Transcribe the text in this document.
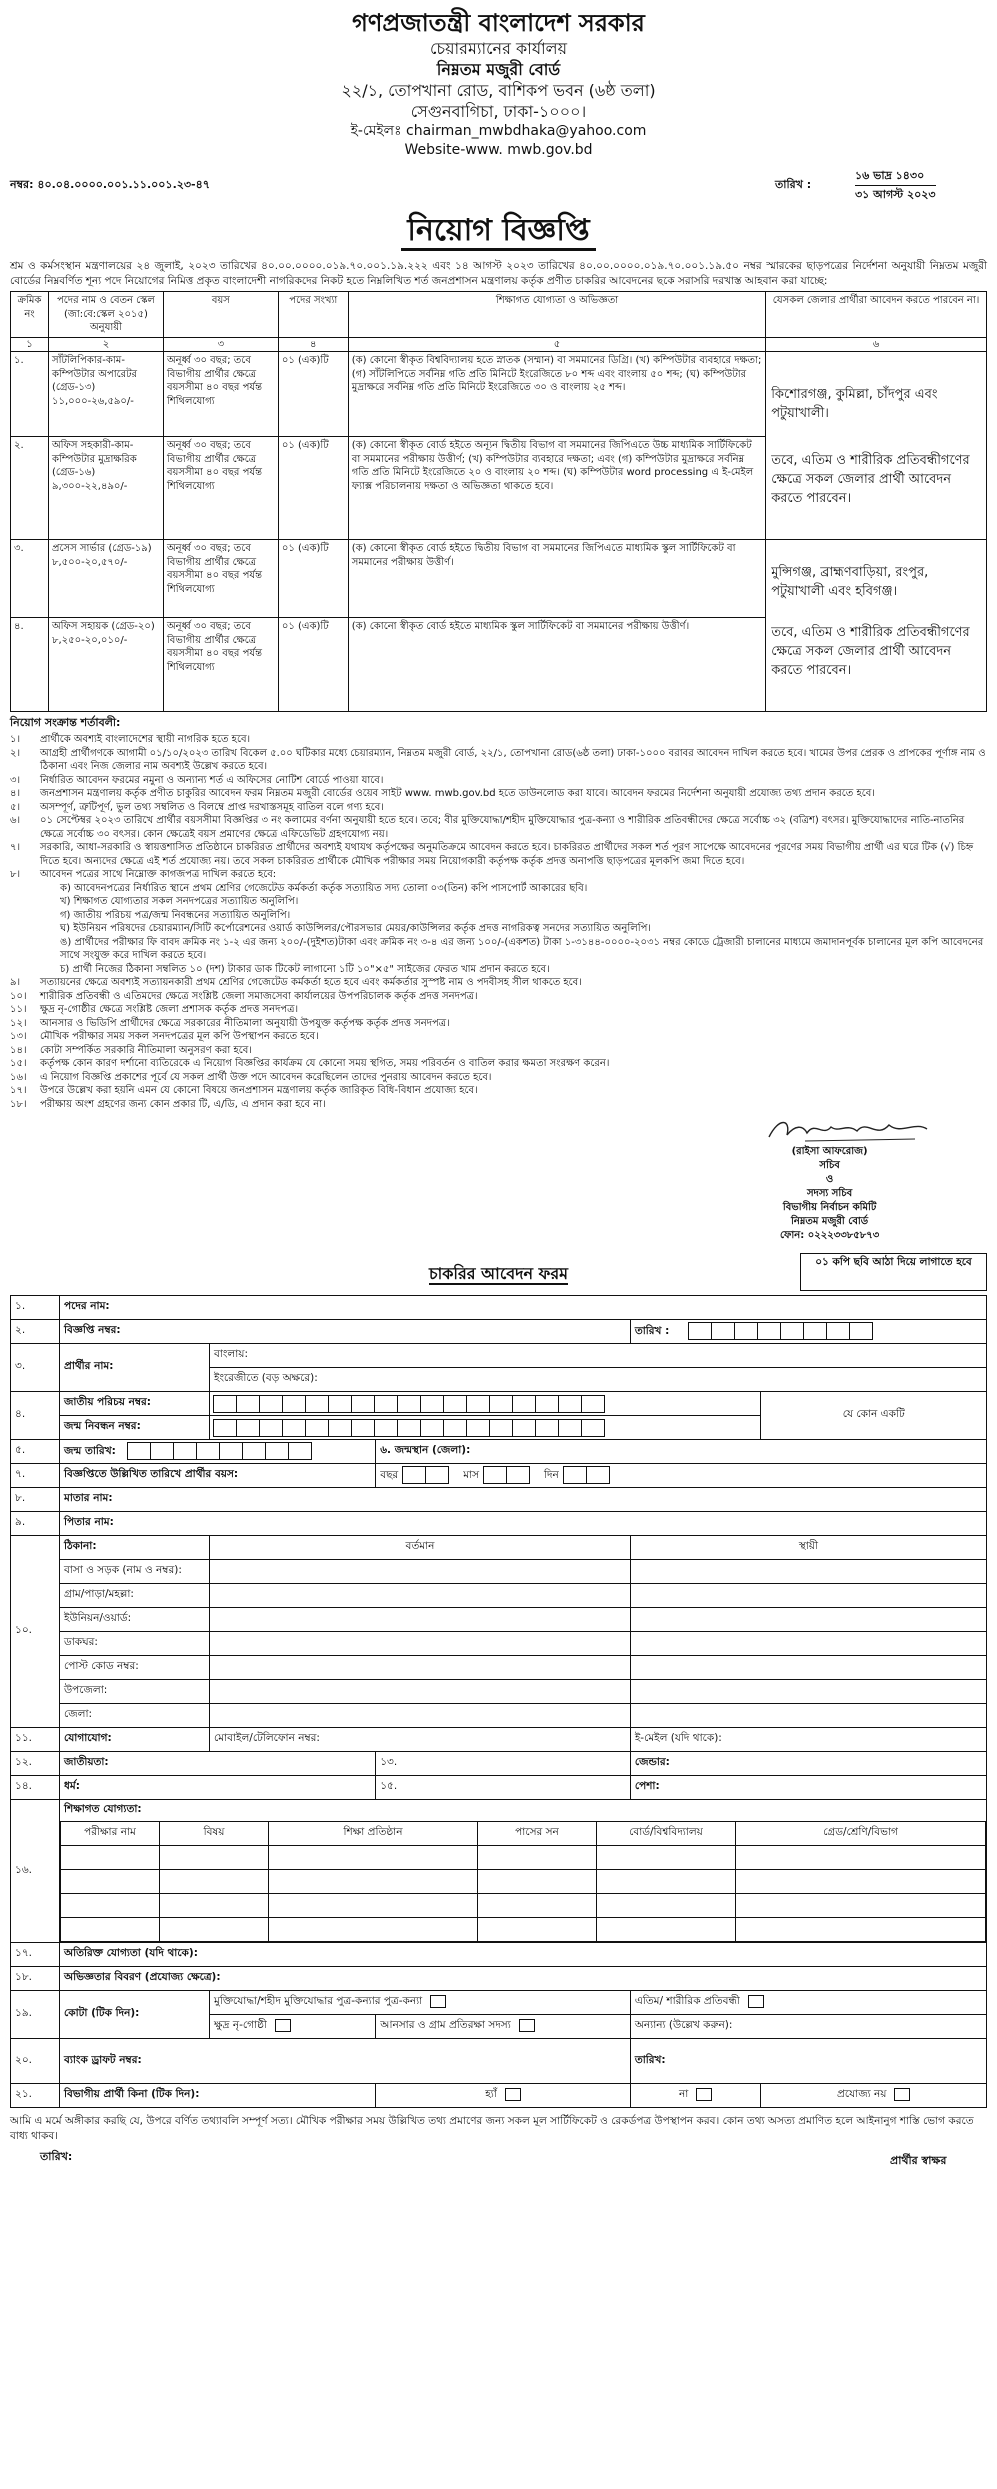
গণপ্রজাতন্ত্রী বাংলাদেশ সরকার
চেয়ারম্যানের কার্যালয়
নিম্নতম মজুরী বোর্ড
২২/১, তোপখানা রোড, বাশিকপ ভবন (৬ষ্ঠ তলা)
সেগুনবাগিচা, ঢাকা-১০০০।
ই-মেইলঃ chairman_mwbdhaka@yahoo.com
Website-www. mwb.gov.bd
নম্বর: ৪০.০৪.০০০০.০০১.১১.০০১.২৩-৪৭	তারিখ :
১৬ ভাদ্র ১৪৩০
৩১ আগস্ট ২০২৩
নিয়োগ বিজ্ঞপ্তি
শ্রম ও কর্মসংস্থান মন্ত্রণালয়ের ২৪ জুলাই, ২০২৩ তারিখের ৪০.০০.০০০০.০১৯.৭০.০০১.১৯.২২২ এবং ১৪ আগস্ট ২০২৩ তারিখের ৪০.০০.০০০০.০১৯.৭০.০০১.১৯.৫০ নম্বর স্মারকের ছাড়পত্রের নির্দেশনা অনুযায়ী নিম্নতম মজুরী বোর্ডের নিম্নবর্ণিত শূন্য পদে নিয়োগের নিমিত্ত প্রকৃত বাংলাদেশী নাগরিকদের নিকট হতে নিম্নলিখিত শর্ত জনপ্রশাসন মন্ত্রণালয় কর্তৃক প্রণীত চাকরির আবেদনের ছকে সরাসরি দরখাস্ত আহবান করা যাচ্ছে:
ক্রমিক নং	পদের নাম ও বেতন স্কেল (জা:বে:স্কেল ২০১৫) অনুযায়ী	বয়স	পদের সংখ্যা	শিক্ষাগত যোগ্যতা ও অভিজ্ঞতা	যেসকল জেলার প্রার্থীরা আবেদন করতে পারবেন না।
১	২	৩	৪	৫	৬
১.	সাঁটলিপিকার-কাম-কম্পিউটার অপারেটর (গ্রেড-১৩) ১১,০০০-২৬,৫৯০/-	অনূর্ধ্ব ৩০ বছর; তবে বিভাগীয় প্রার্থীর ক্ষেত্রে বয়সসীমা ৪০ বছর পর্যন্ত শিথিলযোগ্য	০১ (এক)টি	(ক) কোনো স্বীকৃত বিশ্ববিদ্যালয় হতে স্নাতক (সম্মান) বা সমমানের ডিগ্রি। (খ) কম্পিউটার ব্যবহারে দক্ষতা; (গ) সাঁটলিপিতে সর্বনিম্ন গতি প্রতি মিনিটে ইংরেজিতে ৮০ শব্দ এবং বাংলায় ৫০ শব্দ; (ঘ) কম্পিউটার মুদ্রাক্ষরে সর্বনিম্ন গতি প্রতি মিনিটে ইংরেজিতে ৩০ ও বাংলায় ২৫ শব্দ।	কিশোরগঞ্জ, কুমিল্লা, চাঁদপুর এবং পটুয়াখালী।
তবে, এতিম ও শারীরিক প্রতিবন্ধীগণের ক্ষেত্রে সকল জেলার প্রার্থী আবেদন করতে পারবেন।

২.	অফিস সহকারী-কাম-কম্পিউটার মুদ্রাক্ষরিক (গ্রেড-১৬) ৯,৩০০-২২,৪৯০/-	অনূর্ধ্ব ৩০ বছর; তবে বিভাগীয় প্রার্থীর ক্ষেত্রে বয়সসীমা ৪০ বছর পর্যন্ত শিথিলযোগ্য	০১ (এক)টি	(ক) কোনো স্বীকৃত বোর্ড হইতে অন্যূন দ্বিতীয় বিভাগ বা সমমানের জিপিএতে উচ্চ মাধ্যমিক সার্টিফিকেট বা সমমানের পরীক্ষায় উত্তীর্ণ; (খ) কম্পিউটার ব্যবহারে দক্ষতা; এবং (গ) কম্পিউটার মুদ্রাক্ষরে সর্বনিম্ন গতি প্রতি মিনিটে ইংরেজিতে ২০ ও বাংলায় ২০ শব্দ। (ঘ) কম্পিউটার word processing এ ই-মেইল ফ্যাক্স পরিচালনায় দক্ষতা ও অভিজ্ঞতা থাকতে হবে।	
৩.	প্রসেস সার্ভার (গ্রেড-১৯) ৮,৫০০-২০,৫৭০/-	অনূর্ধ্ব ৩০ বছর; তবে বিভাগীয় প্রার্থীর ক্ষেত্রে বয়সসীমা ৪০ বছর পর্যন্ত শিথিলযোগ্য	০১ (এক)টি	(ক) কোনো স্বীকৃত বোর্ড হইতে দ্বিতীয় বিভাগ বা সমমানের জিপিএতে মাধ্যমিক স্কুল সার্টিফিকেট বা সমমানের পরীক্ষায় উত্তীর্ণ।	মুন্সিগঞ্জ, ব্রাহ্মণবাড়িয়া, রংপুর, পটুয়াখালী এবং হবিগঞ্জ।
তবে, এতিম ও শারীরিক প্রতিবন্ধীগণের ক্ষেত্রে সকল জেলার প্রার্থী আবেদন করতে পারবেন।

৪.	অফিস সহায়ক (গ্রেড-২০) ৮,২৫০-২০,০১০/-	অনূর্ধ্ব ৩০ বছর; তবে বিভাগীয় প্রার্থীর ক্ষেত্রে বয়সসীমা ৪০ বছর পর্যন্ত শিথিলযোগ্য	০১ (এক)টি	(ক) কোনো স্বীকৃত বোর্ড হইতে মাধ্যমিক স্কুল সার্টিফিকেট বা সমমানের পরীক্ষায় উত্তীর্ণ।	
নিয়োগ সংক্রান্ত শর্তাবলী:
১।	প্রার্থীকে অবশ্যই বাংলাদেশের স্থায়ী নাগরিক হতে হবে।
২।	আগ্রহী প্রার্থীগণকে আগামী ০১/১০/২০২৩ তারিখ বিকেল ৫.০০ ঘটিকার মধ্যে চেয়ারম্যান, নিম্নতম মজুরী বোর্ড, ২২/১, তোপখানা রোড(৬ষ্ঠ তলা) ঢাকা-১০০০ বরাবর আবেদন দাখিল করতে হবে। খামের উপর প্রেরক ও প্রাপকের পূর্ণাঙ্গ নাম ও ঠিকানা এবং নিজ জেলার নাম অবশ্যই উল্লেখ করতে হবে।
৩।	নির্ধারিত আবেদন ফরমের নমুনা ও অন্যান্য শর্ত এ অফিসের নোটিশ বোর্ডে পাওয়া যাবে।
৪।	জনপ্রশাসন মন্ত্রণালয় কর্তৃক প্রণীত চাকুরির আবেদন ফরম নিম্নতম মজুরী বোর্ডের ওয়েব সাইট www. mwb.gov.bd হতে ডাউনলোড করা যাবে। আবেদন ফরমের নির্দেশনা অনুযায়ী প্রযোজ্য তথ্য প্রদান করতে হবে।
৫।	অসম্পূর্ণ, ত্রুটিপূর্ণ, ভুল তথ্য সম্বলিত ও বিলম্বে প্রাপ্ত দরখাস্তসমূহ বাতিল বলে গণ্য হবে।
৬।	০১ সেপ্টেম্বর ২০২৩ তারিখে প্রার্থীর বয়সসীমা বিজ্ঞপ্তির ৩ নং কলামের বর্ণনা অনুযায়ী হতে হবে। তবে; বীর মুক্তিযোদ্ধা/শহীদ মুক্তিযোদ্ধার পুত্র-কন্যা ও শারীরিক প্রতিবন্ধীদের ক্ষেত্রে সর্বোচ্চ ৩২ (বত্রিশ) বৎসর। মুক্তিযোদ্ধাদের নাতি-নাতনির ক্ষেত্রে সর্বোচ্চ ৩০ বৎসর। কোন ক্ষেত্রেই বয়স প্রমাণের ক্ষেত্রে এফিডেভিট গ্রহণযোগ্য নয়।
৭।	সরকারি, আধা-সরকারি ও স্বায়ত্তশাসিত প্রতিষ্ঠানে চাকরিরত প্রার্থীদের অবশ্যই যথাযথ কর্তৃপক্ষের অনুমতিক্রমে আবেদন করতে হবে। চাকরিরত প্রার্থীদের সকল শর্ত পূরণ সাপেক্ষে আবেদনের পূরণের সময় বিভাগীয় প্রার্থী এর ঘরে টিক (√) চিহ্ন দিতে হবে। অন্যদের ক্ষেত্রে এই শর্ত প্রযোজ্য নয়। তবে সকল চাকরিরত প্রার্থীকে মৌখিক পরীক্ষার সময় নিয়োগকারী কর্তৃপক্ষ কর্তৃক প্রদত্ত অনাপত্তি ছাড়পত্রের মূলকপি জমা দিতে হবে।
৮।	আবেদন পত্রের সাথে নিম্নোক্ত কাগজপত্র দাখিল করতে হবে:
ক) আবেদনপত্রের নির্ধারিত স্থানে প্রথম শ্রেণির গেজেটেড কর্মকর্তা কর্তৃক সত্যায়িত সদ্য তোলা ০৩(তিন) কপি পাসপোর্ট আকারের ছবি।
খ) শিক্ষাগত যোগ্যতার সকল সনদপত্রের সত্যায়িত অনুলিপি।
গ) জাতীয় পরিচয় পত্র/জন্ম নিবন্ধনের সত্যায়িত অনুলিপি।
ঘ) ইউনিয়ন পরিষদের চেয়ারম্যান/সিটি কর্পোরেশনের ওয়ার্ড কাউন্সিলর/পৌরসভার মেয়র/কাউন্সিলর কর্তৃক প্রদত্ত নাগরিকত্ব সনদের সত্যায়িত অনুলিপি।
ঙ) প্রার্থীদের পরীক্ষার ফি বাবদ ক্রমিক নং ১-২ এর জন্য ২০০/-(দুইশত)টাকা এবং ক্রমিক নং ৩-৪ এর জন্য ১০০/-(একশত) টাকা ১-৩১৪৪-০০০০-২০৩১ নম্বর কোডে ট্রেজারী চালানের মাধ্যমে জমাদানপূর্বক চালানের মূল কপি আবেদনের সাথে সংযুক্ত করে দাখিল করতে হবে।
চ) প্রার্থী নিজের ঠিকানা সম্বলিত ১০ (দশ) টাকার ডাক টিকেট লাগানো ১টি ১০"×৫" সাইজের ফেরত খাম প্রদান করতে হবে।
৯।	সত্যায়নের ক্ষেত্রে অবশ্যই সত্যায়নকারী প্রথম শ্রেণির গেজেটেড কর্মকর্তা হতে হবে এবং কর্মকর্তার সুস্পষ্ট নাম ও পদবীসহ সীল থাকতে হবে।
১০।	শারীরিক প্রতিবন্ধী ও এতিমদের ক্ষেত্রে সংশ্লিষ্ট জেলা সমাজসেবা কার্যালয়ের উপপরিচালক কর্তৃক প্রদত্ত সনদপত্র।
১১।	ক্ষুদ্র নৃ-গোষ্ঠীর ক্ষেত্রে সংশ্লিষ্ট জেলা প্রশাসক কর্তৃক প্রদত্ত সনদপত্র।
১২।	আনসার ও ভিডিপি প্রার্থীদের ক্ষেত্রে সরকারের নীতিমালা অনুযায়ী উপযুক্ত কর্তৃপক্ষ কর্তৃক প্রদত্ত সনদপত্র।
১৩।	মৌখিক পরীক্ষার সময় সকল সনদপত্রের মূল কপি উপস্থাপন করতে হবে।
১৪।	কোটা সম্পর্কিত সরকারি নীতিমালা অনুসরণ করা হবে।
১৫।	কর্তৃপক্ষ কোন কারণ দর্শানো ব্যতিরেকে এ নিয়োগ বিজ্ঞপ্তির কার্যক্রম যে কোনো সময় স্থগিত, সময় পরিবর্তন ও বাতিল করার ক্ষমতা সংরক্ষণ করেন।
১৬।	এ নিয়োগ বিজ্ঞপ্তি প্রকাশের পূর্বে যে সকল প্রার্থী উক্ত পদে আবেদন করেছিলেন তাদের পুনরায় আবেদন করতে হবে।
১৭।	উপরে উল্লেখ করা হয়নি এমন যে কোনো বিষয়ে জনপ্রশাসন মন্ত্রণালয় কর্তৃক জারিকৃত বিধি-বিধান প্রযোজ্য হবে।
১৮।	পরীক্ষায় অংশ গ্রহণের জন্য কোন প্রকার টি, এ/ডি, এ প্রদান করা হবে না।
(রাইসা আফরোজ)
সচিব
ও
সদস্য সচিব
বিভাগীয় নির্বাচন কমিটি
নিম্নতম মজুরী বোর্ড
ফোন: ০২২২৩৩৮৫৮৭৩
চাকরির আবেদন ফরম
০১ কপি ছবি আঠা দিয়ে লাগাতে হবে
১.	পদের নাম:
২.	বিজ্ঞপ্তি নম্বর:	তারিখ :
৩.	প্রার্থীর নাম:	বাংলায়:
ইংরেজীতে (বড় অক্ষরে):
৪.	জাতীয় পরিচয় নম্বর:		যে কোন একটি
জন্ম নিবন্ধন নম্বর:	
৫.	জন্ম তারিখ:	৬. জন্মস্থান (জেলা):
৭.	বিজ্ঞপ্তিতে উল্লিখিত তারিখে প্রার্থীর বয়স:	বছর	মাস	দিন
৮.	মাতার নাম:
৯.	পিতার নাম:
১০.	ঠিকানা:	বর্তমান	স্থায়ী
বাসা ও সড়ক (নাম ও নম্বর):		
গ্রাম/পাড়া/মহল্লা:		
ইউনিয়ন/ওয়ার্ড:		
ডাকঘর:		
পোস্ট কোড নম্বর:		
উপজেলা:		
জেলা:		
১১.	যোগাযোগ:	মোবাইল/টেলিফোন নম্বর:	ই-মেইল (যদি থাকে):
১২.	জাতীয়তা:	১৩.	জেন্ডার:
১৪.	ধর্ম:	১৫.	পেশা:
১৬.	
শিক্ষাগত যোগ্যতা:
পরীক্ষার নাম	বিষয়	শিক্ষা প্রতিষ্ঠান	পাসের সন	বোর্ড/বিশ্ববিদ্যালয়	গ্রেড/শ্রেণি/বিভাগ

১৭.	অতিরিক্ত যোগ্যতা (যদি থাকে):
১৮.	অভিজ্ঞতার বিবরণ (প্রযোজ্য ক্ষেত্রে):
১৯.	কোটা (টিক দিন):	মুক্তিযোদ্ধা/শহীদ মুক্তিযোদ্ধার পুত্র-কন্যার পুত্র-কন্যা	এতিম/ শারীরিক প্রতিবন্ধী
ক্ষুদ্র নৃ-গোষ্ঠী	আনসার ও গ্রাম প্রতিরক্ষা সদস্য	অন্যান্য (উল্লেখ করুন):
২০.	ব্যাংক ড্রাফট নম্বর:	তারিখ:
২১.	বিভাগীয় প্রার্থী কিনা (টিক দিন):	হ্যাঁ	না	প্রযোজ্য নয়
আমি এ মর্মে অঙ্গীকার করছি যে, উপরে বর্ণিত তথ্যাবলি সম্পূর্ণ সত্য। মৌখিক পরীক্ষার সময় উল্লিখিত তথ্য প্রমাণের জন্য সকল মূল সার্টিফিকেট ও রেকর্ডপত্র উপস্থাপন করব। কোন তথ্য অসত্য প্রমাণিত হলে আইনানুগ শাস্তি ভোগ করতে বাধ্য থাকব।
তারিখ:	প্রার্থীর স্বাক্ষর
